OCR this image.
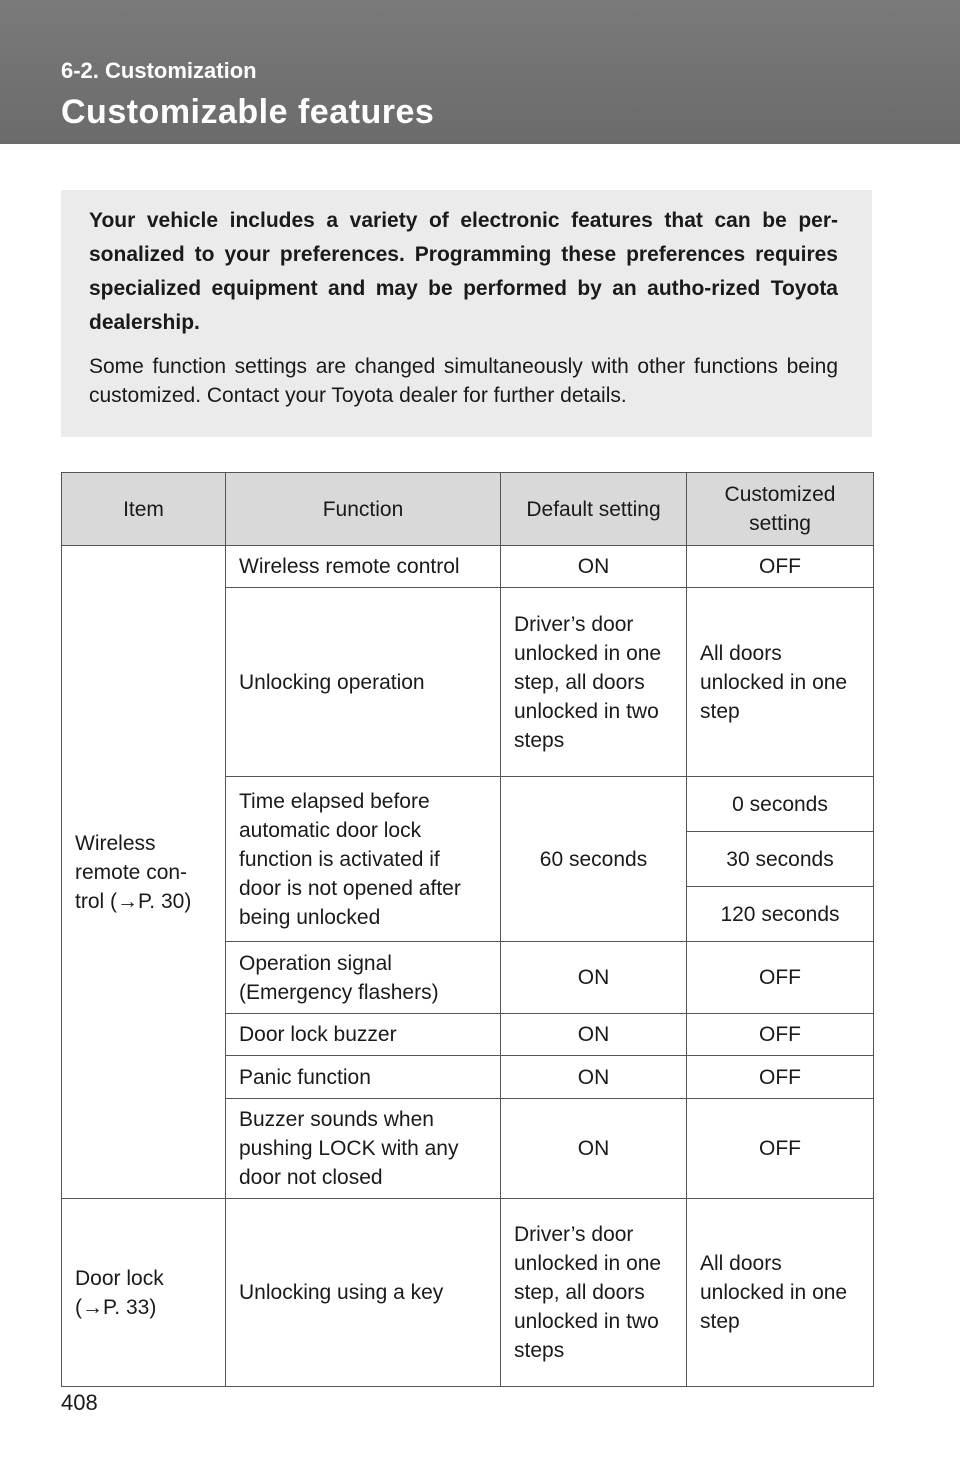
6-2. Customization
Customizable features

Your vehicle includes a variety of electronic features that can be per-sonalized to your preferences. Programming these preferences requires specialized equipment and may be performed by an autho-rized Toyota dealership.

Some function settings are changed simultaneously with other functions being customized. Contact your Toyota dealer for further details.

Item	Function	Default setting	Customized setting
Wireless remote con-trol (→P. 30)	Wireless remote control	ON	OFF
	Unlocking operation	Driver’s door unlocked in one step, all doors unlocked in two steps	All doors unlocked in one step
	Time elapsed before automatic door lock function is activated if door is not opened after being unlocked	60 seconds	0 seconds
			30 seconds
			120 seconds
	Operation signal (Emergency flashers)	ON	OFF
	Door lock buzzer	ON	OFF
	Panic function	ON	OFF
	Buzzer sounds when pushing LOCK with any door not closed	ON	OFF
Door lock (→P. 33)	Unlocking using a key	Driver’s door unlocked in one step, all doors unlocked in two steps	All doors unlocked in one step
408
